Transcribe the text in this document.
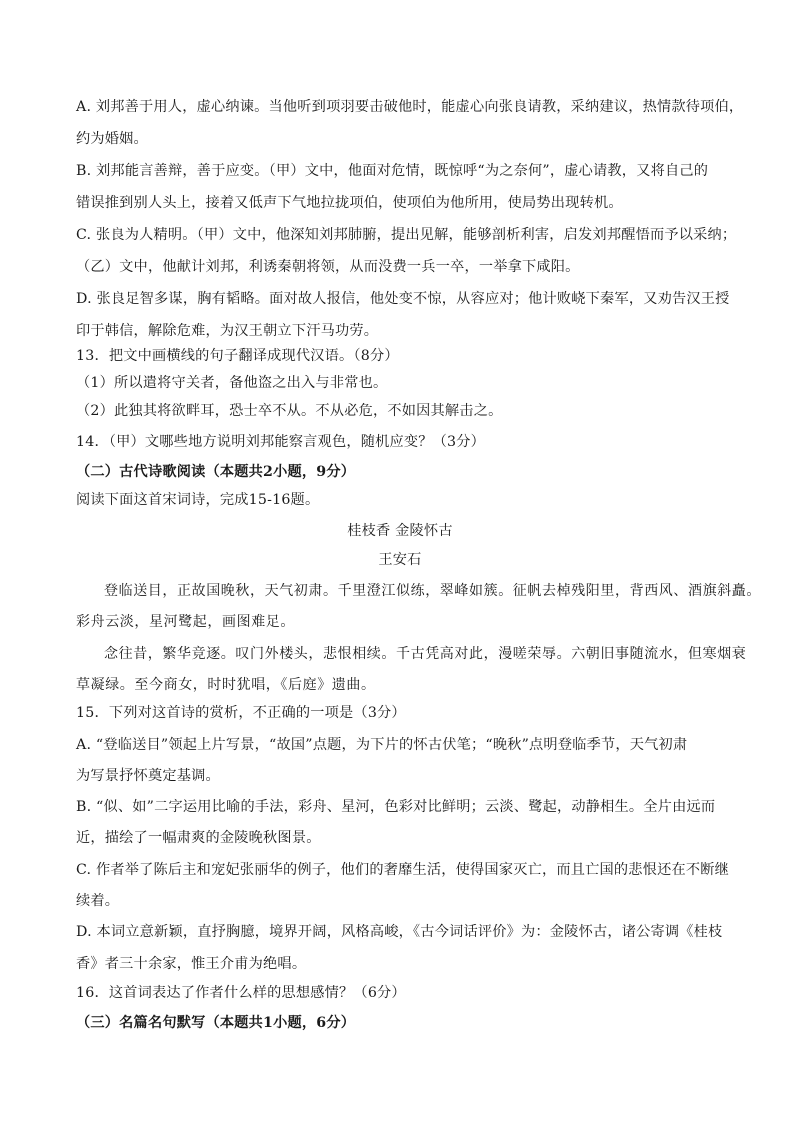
A. 刘邦善于用人，虚心纳谏。当他听到项羽要击破他时，能虚心向张良请教，采纳建议，热情款待项伯，
约为婚姻。
B. 刘邦能言善辩，善于应变。（甲）文中，他面对危情，既惊呼“为之奈何”，虚心请教，又将自己的
错误推到别人头上，接着又低声下气地拉拢项伯，使项伯为他所用，使局势出现转机。
C. 张良为人精明。（甲）文中，他深知刘邦肺腑，提出见解，能够剖析利害，启发刘邦醒悟而予以采纳；
（乙）文中，他献计刘邦，利诱秦朝将领，从而没费一兵一卒，一举拿下咸阳。
D. 张良足智多谋，胸有韬略。面对故人报信，他处变不惊，从容应对；他计败峣下秦军，又劝告汉王授
印于韩信，解除危难，为汉王朝立下汗马功劳。
13．把文中画横线的句子翻译成现代汉语。（8分）
（1）所以遣将守关者，备他盗之出入与非常也。
（2）此独其将欲畔耳，恐士卒不从。不从必危，不如因其解击之。
14．（甲）文哪些地方说明刘邦能察言观色，随机应变？（3分）
（二）古代诗歌阅读（本题共2小题，9分）
阅读下面这首宋词诗，完成15-16题。
桂枝香 金陵怀古
王安石
登临送目，正故国晚秋，天气初肃。千里澄江似练，翠峰如簇。征帆去棹残阳里，背西风、酒旗斜矗。
彩舟云淡，星河鹭起，画图难足。
念往昔，繁华竞逐。叹门外楼头，悲恨相续。千古凭高对此，漫嗟荣辱。六朝旧事随流水，但寒烟衰
草凝绿。至今商女，时时犹唱，《后庭》遗曲。
15．下列对这首诗的赏析，不正确的一项是（3分）
A. “登临送目”领起上片写景，“故国”点题，为下片的怀古伏笔；“晚秋”点明登临季节，天气初肃
为写景抒怀奠定基调。
B. “似、如”二字运用比喻的手法，彩舟、星河，色彩对比鲜明；云淡、鹭起，动静相生。全片由远而
近，描绘了一幅肃爽的金陵晚秋图景。
C. 作者举了陈后主和宠妃张丽华的例子，他们的奢靡生活，使得国家灭亡，而且亡国的悲恨还在不断继
续着。
D. 本词立意新颖，直抒胸臆，境界开阔，风格高峻，《古今词话评价》为：金陵怀古，诸公寄调《桂枝
香》者三十余家，惟王介甫为绝唱。
16．这首词表达了作者什么样的思想感情？（6分）
（三）名篇名句默写（本题共1小题，6分）
